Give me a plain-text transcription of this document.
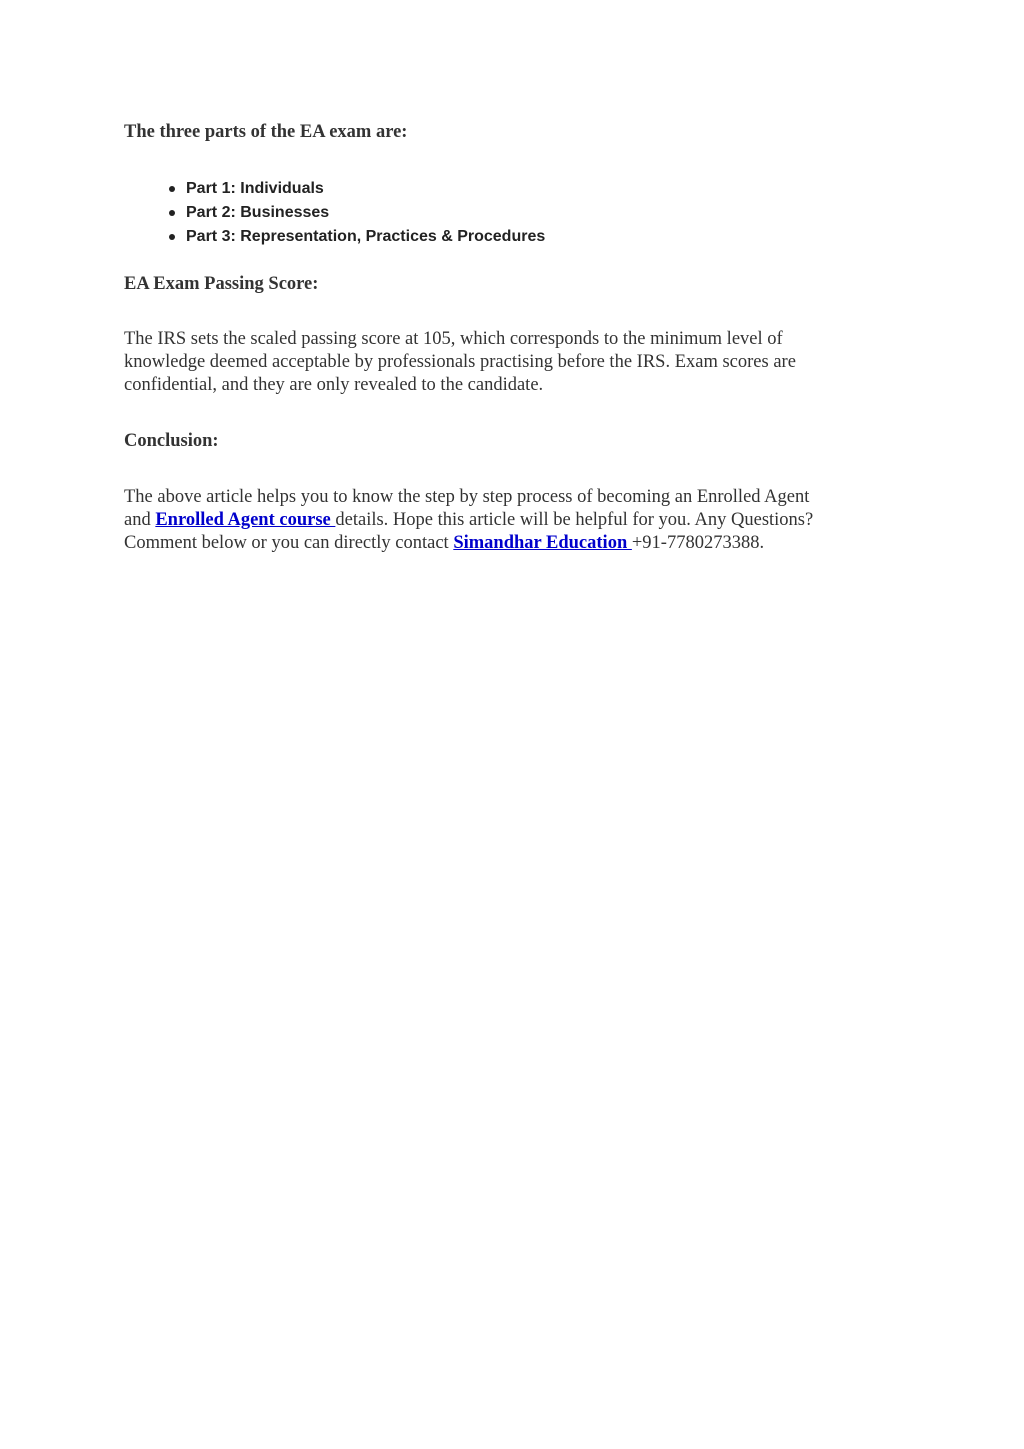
The three parts of the EA exam are:
Part 1: Individuals
Part 2: Businesses
Part 3: Representation, Practices & Procedures
EA Exam Passing Score:

The IRS sets the scaled passing score at 105, which corresponds to the minimum level of
knowledge deemed acceptable by professionals practising before the IRS. Exam scores are
confidential, and they are only revealed to the candidate.

Conclusion:

The above article helps you to know the step by step process of becoming an Enrolled Agent
and Enrolled Agent course details. Hope this article will be helpful for you. Any Questions?
Comment below or you can directly contact Simandhar Education +91-7780273388.
